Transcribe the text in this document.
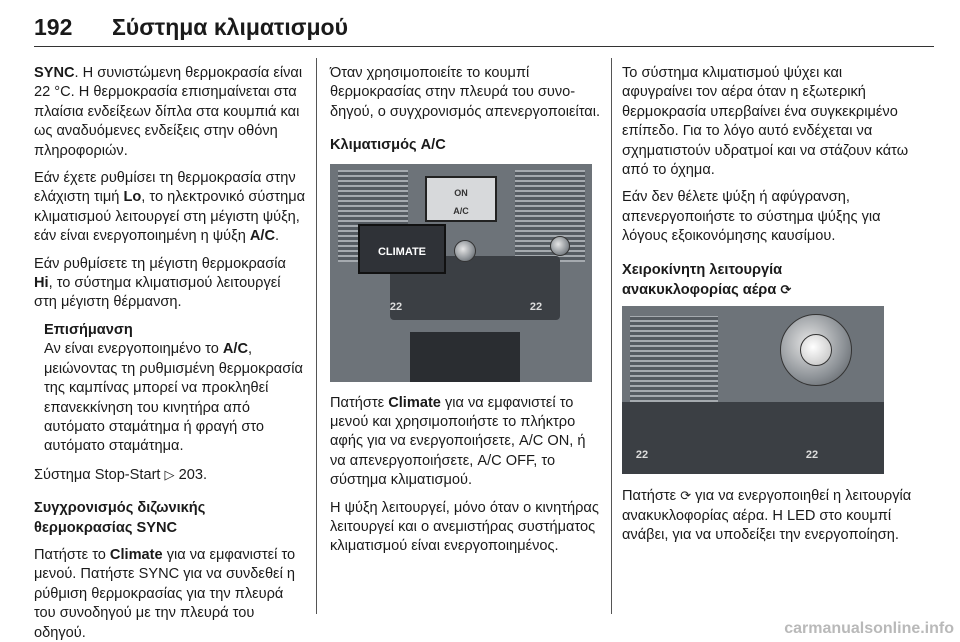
192 Σύστημα κλιματισμού

SYNC. Η συνιστώμενη θερμοκρασία είναι 22 °C. Η θερμοκρασία επισημαίνεται στα πλαίσια ενδείξεων δίπλα στα κουμπιά και ως αναδυόμενες ενδείξεις στην οθόνη πληροφοριών.

Εάν έχετε ρυθμίσει τη θερμοκρασία στην ελάχιστη τιμή Lo, το ηλεκτρονικό σύστημα κλιματισμού λειτουργεί στη μέγιστη ψύξη, εάν είναι ενεργοποιημένη η ψύξη A/C.

Εάν ρυθμίσετε τη μέγιστη θερμοκρασία Hi, το σύστημα κλιματισμού λειτουργεί στη μέγιστη θέρμανση.

Επισήμανση
Αν είναι ενεργοποιημένο το A/C, μειώνοντας τη ρυθμισμένη θερμοκρασία της καμπίνας μπορεί να προκληθεί επανεκκίνηση του κινητήρα από αυτόματο σταμάτημα ή φραγή στο αυτόματο σταμάτημα.

Σύστημα Stop-Start ▷ 203.

Συγχρονισμός διζωνικής θερμοκρασίας SYNC

Πατήστε το Climate για να εμφανιστεί το μενού. Πατήστε SYNC για να συνδεθεί η ρύθμιση θερμοκρασίας για την πλευρά του συνοδηγού με την πλευρά του οδηγού.

Όταν χρησιμοποιείτε το κουμπί θερμοκρασίας στην πλευρά του συνοδηγού, ο συγχρονισμός απενεργοποιείται.

Κλιματισμός A/C
ON
A/C
CLIMATE
22	22

Πατήστε Climate για να εμφανιστεί το μενού και χρησιμοποιήστε το πλήκτρο αφής για να ενεργοποιήσετε, A/C ON, ή να απενεργοποιήσετε, A/C OFF, το σύστημα κλιματισμού.

Η ψύξη λειτουργεί, μόνο όταν ο κινητήρας λειτουργεί και ο ανεμιστήρας συστήματος κλιματισμού είναι ενεργοποιημένος.

Το σύστημα κλιματισμού ψύχει και αφυγραίνει τον αέρα όταν η εξωτερική θερμοκρασία υπερβαίνει ένα συγκεκριμένο επίπεδο. Για το λόγο αυτό ενδέχεται να σχηματιστούν υδρατμοί και να στάζουν κάτω από το όχημα.

Εάν δεν θέλετε ψύξη ή αφύγρανση, απενεργοποιήστε το σύστημα ψύξης για λόγους εξοικονόμησης καυσίμου.

Χειροκίνητη λειτουργία
ανακυκλοφορίας αέρα ⟳
22	22

Πατήστε ⟳ για να ενεργοποιηθεί η λειτουργία ανακυκλοφορίας αέρα. Η LED στο κουμπί ανάβει, για να υποδείξει την ενεργοποίηση.

carmanualsonline.info
